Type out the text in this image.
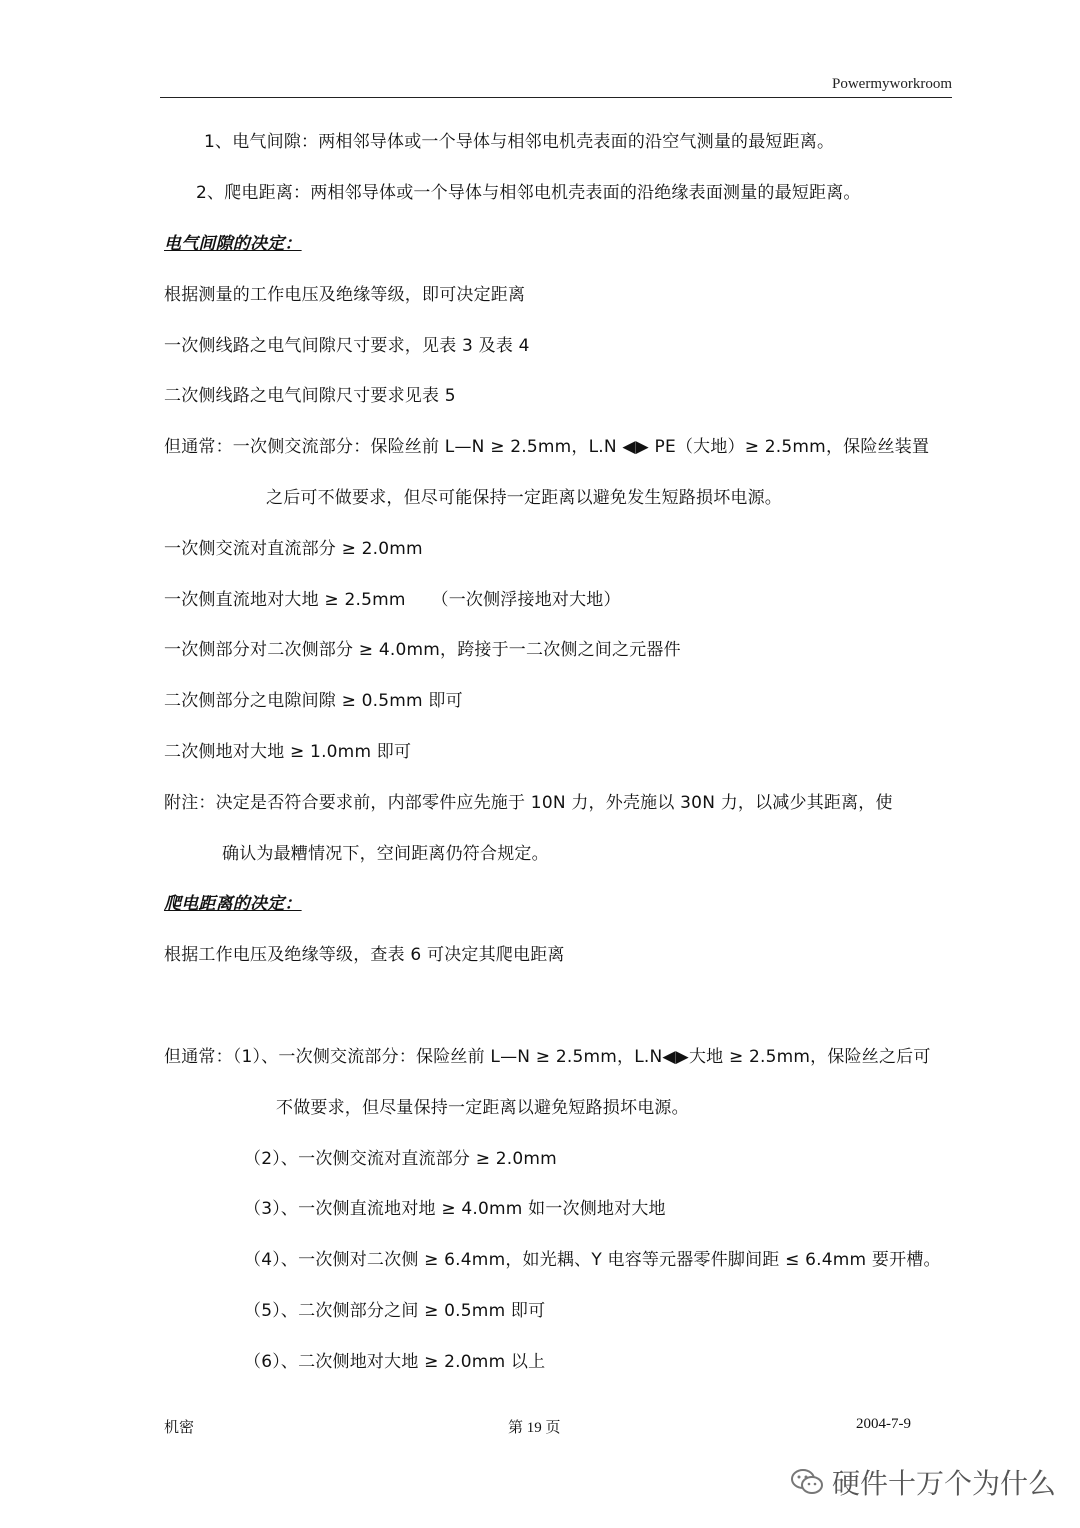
Powermyworkroom
1、电气间隙：两相邻导体或一个导体与相邻电机壳表面的沿空气测量的最短距离。
2、爬电距离：两相邻导体或一个导体与相邻电机壳表面的沿绝缘表面测量的最短距离。
电气间隙的决定：
根据测量的工作电压及绝缘等级，即可决定距离
一次侧线路之电气间隙尺寸要求，见表 3 及表 4
二次侧线路之电气间隙尺寸要求见表 5
但通常：一次侧交流部分：保险丝前 L—N ≥ 2.5mm，L.N ◀▶ PE（大地）≥ 2.5mm，保险丝装置
之后可不做要求，但尽可能保持一定距离以避免发生短路损坏电源。
一次侧交流对直流部分 ≥ 2.0mm
一次侧直流地对大地 ≥ 2.5mm　　（一次侧浮接地对大地）
一次侧部分对二次侧部分 ≥ 4.0mm，跨接于一二次侧之间之元器件
二次侧部分之电隙间隙 ≥ 0.5mm 即可
二次侧地对大地 ≥ 1.0mm 即可
附注：决定是否符合要求前，内部零件应先施于 10N 力，外壳施以 30N 力，以减少其距离，使
确认为最糟情况下，空间距离仍符合规定。
爬电距离的决定：
根据工作电压及绝缘等级，查表 6 可决定其爬电距离
但通常：（1）、一次侧交流部分：保险丝前 L—N ≥ 2.5mm，L.N◀▶大地 ≥ 2.5mm，保险丝之后可
不做要求，但尽量保持一定距离以避免短路损坏电源。
（2）、一次侧交流对直流部分 ≥ 2.0mm
（3）、一次侧直流地对地 ≥ 4.0mm 如一次侧地对大地
（4）、一次侧对二次侧 ≥ 6.4mm，如光耦、Y 电容等元器零件脚间距 ≤ 6.4mm 要开槽。
（5）、二次侧部分之间 ≥ 0.5mm 即可
（6）、二次侧地对大地 ≥ 2.0mm 以上
机密	第 19 页	2004-7-9
硬件十万个为什么
